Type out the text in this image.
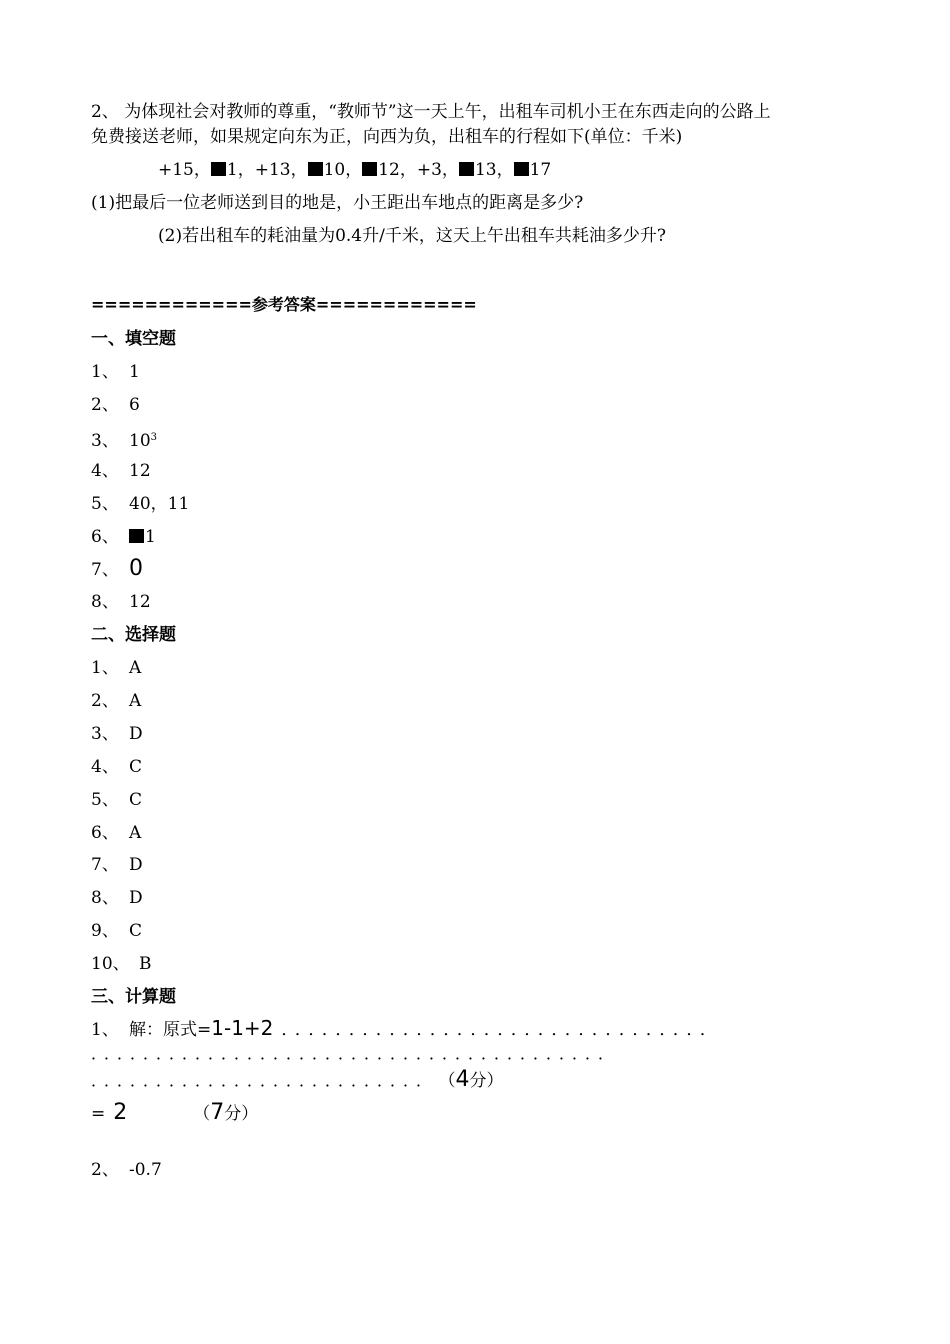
2、 为体现社会对教师的尊重，“教师节”这一天上午，出租车司机小王在东西走向的公路上
免费接送老师，如果规定向东为正，向西为负，出租车的行程如下(单位：千米)
+15， 1，+13， 10， 12，+3， 13， 17
(1)把最后一位老师送到目的地是，小王距出车地点的距离是多少?
(2)若出租车的耗油量为0.4升/千米，这天上午出租车共耗油多少升?
============参考答案============
一、填空题
1、 1
2、 6
3、 $10^3$
4、 12
5、 40，11
6、 1
7、 0
8、 12
二、选择题
1、 A
2、 A
3、 D
4、 C
5、 C
6、 A
7、 D
8、 D
9、 C
10、 B
三、计算题
1、 解：原式=1-1+2 ．．．．．．．．．．．．．．．．．．．．．．．．．．．．．．．．
．．．．．．．．．．．．．．．．．．．．．．．．．．．．．．．．．．．．．．．．
．．．．．．．．．．．．．．．．．．．．．．．．．． （4分）
= 2	（7分）
2、 -0.7
